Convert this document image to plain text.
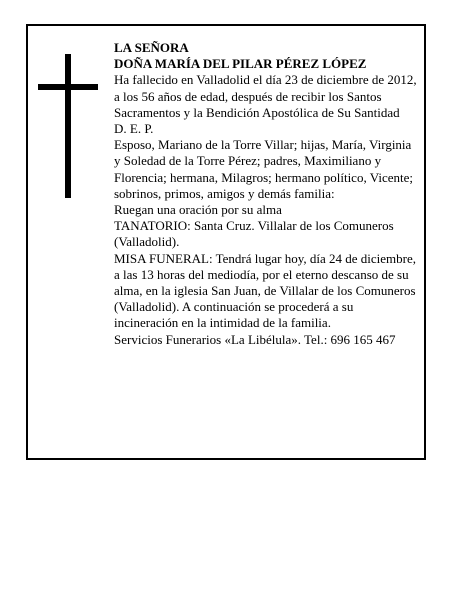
LA SEÑORA

DOÑA MARÍA DEL PILAR PÉREZ LÓPEZ

Ha fallecido en Valladolid el día 23 de diciembre de 2012, a los 56 años de edad, después de recibir los Santos Sacramentos y la Bendición Apostólica de Su Santidad

D. E. P.

Esposo, Mariano de la Torre Villar; hijas, María, Virginia y Soledad de la Torre Pérez; padres, Maximiliano y Florencia; hermana, Milagros; hermano político, Vicente; sobrinos, primos, amigos y demás familia:

Ruegan una oración por su alma

TANATORIO: Santa Cruz. Villalar de los Comuneros (Valladolid).

MISA FUNERAL: Tendrá lugar hoy, día 24 de diciembre, a las 13 horas del mediodía, por el eterno descanso de su alma, en la iglesia San Juan, de Villalar de los Comuneros (Valladolid). A continuación se procederá a su incineración en la intimidad de la familia.

Servicios Funerarios «La Libélula». Tel.: 696 165 467
